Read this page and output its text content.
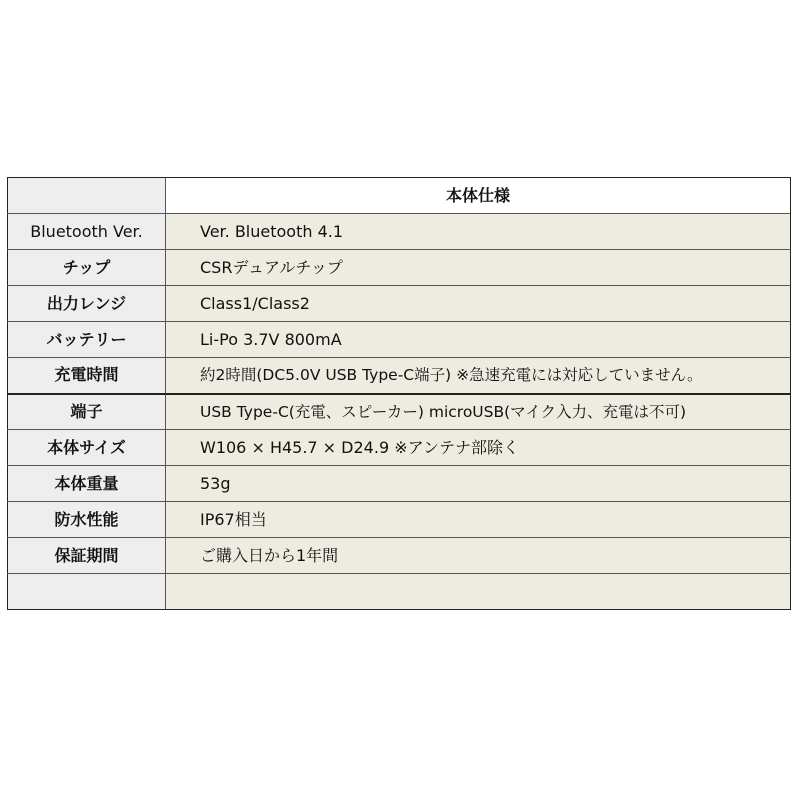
	本体仕様
Bluetooth Ver.	Ver. Bluetooth 4.1
チップ	CSRデュアルチップ
出力レンジ	Class1/Class2
バッテリー	Li-Po 3.7V 800mA
充電時間	約2時間(DC5.0V USB Type-C端子) ※急速充電には対応していません。
端子	USB Type-C(充電、スピーカー) microUSB(マイク入力、充電は不可)
本体サイズ	W106 × H45.7 × D24.9 ※アンテナ部除く
本体重量	53g
防水性能	IP67相当
保証期間	ご購入日から1年間
